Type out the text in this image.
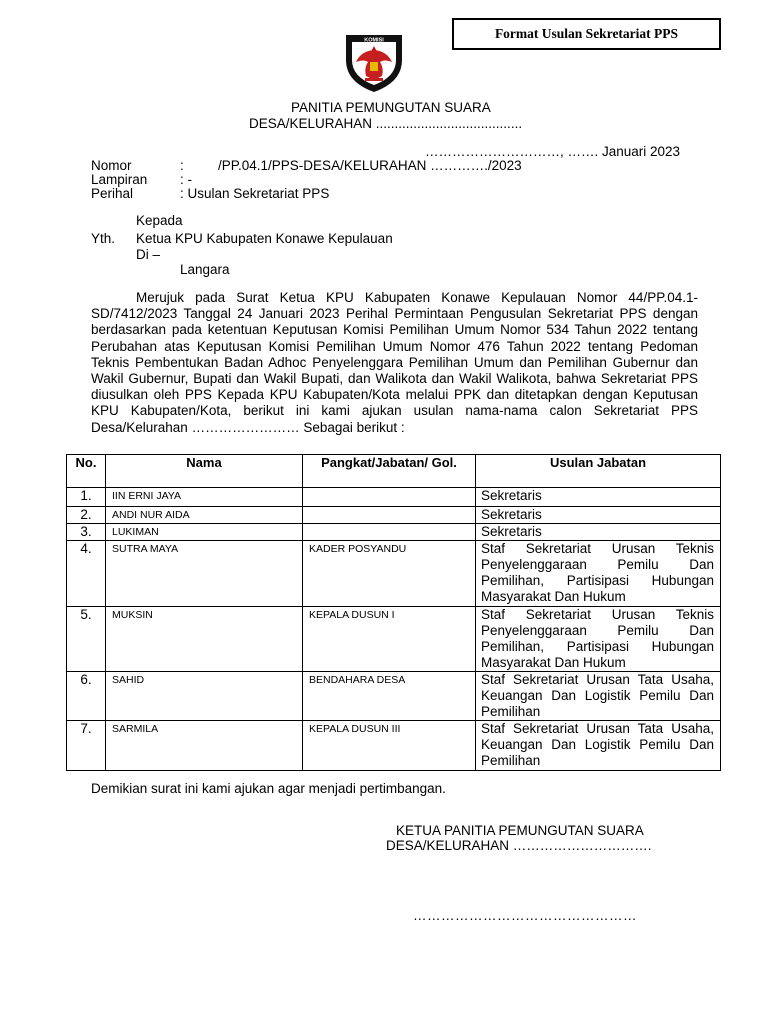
Format Usulan Sekretariat PPS
KOMISI
PANITIA PEMUNGUTAN SUARA
DESA/KELURAHAN .......................................
…………………………, ……. Januari 2023
Nomor	:	/PP.04.1/PPS-DESA/KELURAHAN …………./2023
Lampiran : -
Perihal	: Usulan Sekretariat PPS
Kepada
Yth. Ketua KPU Kabupaten Konawe Kepulauan
Di –
Langara
Merujuk pada Surat Ketua KPU Kabupaten Konawe Kepulauan Nomor 44/PP.04.1-SD/7412/2023 Tanggal 24 Januari 2023 Perihal Permintaan Pengusulan Sekretariat PPS dengan berdasarkan pada ketentuan Keputusan Komisi Pemilihan Umum Nomor 534 Tahun 2022 tentang Perubahan atas Keputusan Komisi Pemilihan Umum Nomor 476 Tahun 2022 tentang Pedoman Teknis Pembentukan Badan Adhoc Penyelenggara Pemilihan Umum dan Pemilihan Gubernur dan Wakil Gubernur, Bupati dan Wakil Bupati, dan Walikota dan Wakil Walikota, bahwa Sekretariat PPS diusulkan oleh PPS Kepada KPU Kabupaten/Kota melalui PPK dan ditetapkan dengan Keputusan KPU Kabupaten/Kota, berikut ini kami ajukan usulan nama-nama calon Sekretariat PPS Desa/Kelurahan …………………… Sebagai berikut :
No.	Nama	Pangkat/Jabatan/ Gol.	Usulan Jabatan
1.	IIN ERNI JAYA		Sekretaris
2.	ANDI NUR AIDA		Sekretaris
3.	LUKIMAN		Sekretaris
4.	SUTRA MAYA	KADER POSYANDU	Staf Sekretariat Urusan Teknis Penyelenggaraan Pemilu Dan Pemilihan, Partisipasi Hubungan Masyarakat Dan Hukum
5.	MUKSIN	KEPALA DUSUN I	Staf Sekretariat Urusan Teknis Penyelenggaraan Pemilu Dan Pemilihan, Partisipasi Hubungan Masyarakat Dan Hukum
6.	SAHID	BENDAHARA DESA	Staf Sekretariat Urusan Tata Usaha, Keuangan Dan Logistik Pemilu Dan Pemilihan
7.	SARMILA	KEPALA DUSUN III	Staf Sekretariat Urusan Tata Usaha, Keuangan Dan Logistik Pemilu Dan Pemilihan
Demikian surat ini kami ajukan agar menjadi pertimbangan.
KETUA PANITIA PEMUNGUTAN SUARA
DESA/KELURAHAN ………………………….
…………………………………………
